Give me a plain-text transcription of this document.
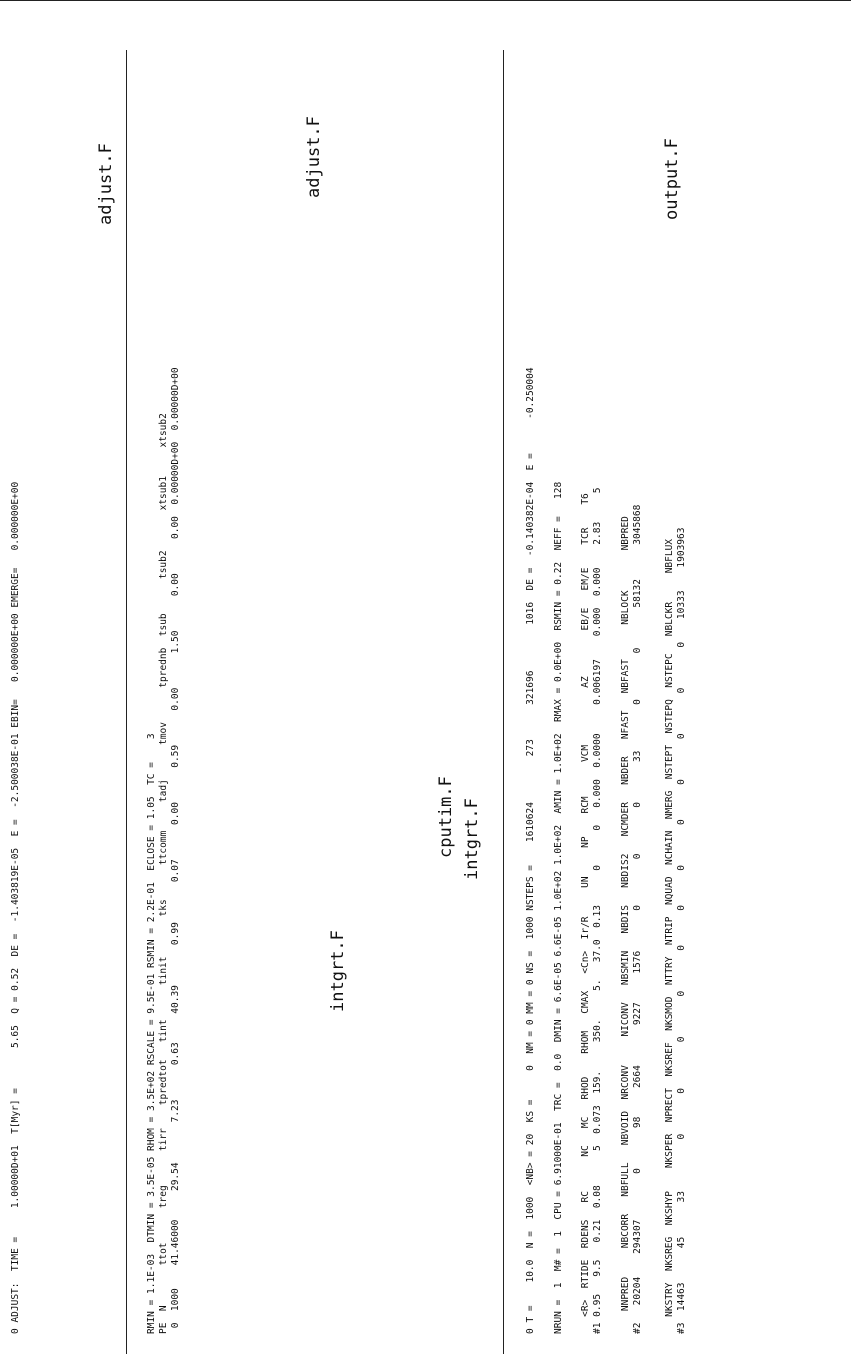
0 ADJUST:  TIME =     1.00000D+01  T[Myr] =       5.65  Q = 0.52  DE =  -1.403819E-05  E =  -2.500038E-01 EBIN=   0.000000E+00 EMERGE=   0.000000E+00
adjust.F
RMIN = 1.1E-03  DTMIN = 3.5E-05 RHOM = 3.5E+02 RSCALE = 9.5E-01 RSMIN = 2.2E-01  ECLOSE = 1.05  TC =    3 PE  N       ttot      treg      tirr    tpredtot   tint      tinit       tks      ttcomm     tadj      tmov      tprednb  tsub      tsub2       xtsub1     xtsub2 0  1000    41.46000     29.54       7.23      0.63     40.39       0.99       0.07      0.00      0.59      0.00      1.50      0.00      0.00  0.00000D+00  0.00000D+00
adjust.F
intgrt.F	0 T =    10.0  N =  1000  <NB> = 20  KS =     0  NM = 0 MM = 0 NS =  1000 NSTEPS =    1610624        273      321696        1016  DE =  -0.140382E-04  E =      -0.250004 NRUN =  1  M# =  1  CPU = 6.91000E-01  TRC =  0.0  DMIN = 6.6E-05 6.6E-05 1.0E+02 1.0E+02  AMIN = 1.0E+02  RMAX = 0.0E+00  RSMIN = 0.22  NEFF =   128 <R>  RTIDE  RDENS   RC      NC   MC   RHOD    RHOM   CMAX   <Cn>  Ir/R     UN     NP    RCM      VCM          AZ        EB/E   EM/E    TCR    T6 #1 0.95   9.5   0.21  0.08      5  0.073  159.     350.     5.   37.0  0.13      0      0   0.000  0.0000     0.006197    0.000  0.000    2.83     5 NNPRED     NBCORR   NBFULL   NBVOID  NRCONV     NICONV   NBSMIN   NBDIS   NBDIS2   NCMDER   NBDER   NFAST   NBFAST      NBLOCK       NBPRED #2   20204    294307        0       98     2664       9227     1576       0        0        0       33        0        0       58132      3045868 NKSTRY  NKSREG  NKSHYP    NKSPER  NPRECT  NKSREF  NKSMOD  NTTRY  NTRIP  NQUAD  NCHAIN  NMERG  NSTEPT  NSTEPQ  NSTEPC   NBLCKR     NBFLUX #3  14463      45      33         0       0        0       0       0      0      0       0      0       0       0       0    10333    1903963
cputim.F intgrt.F
output.F
